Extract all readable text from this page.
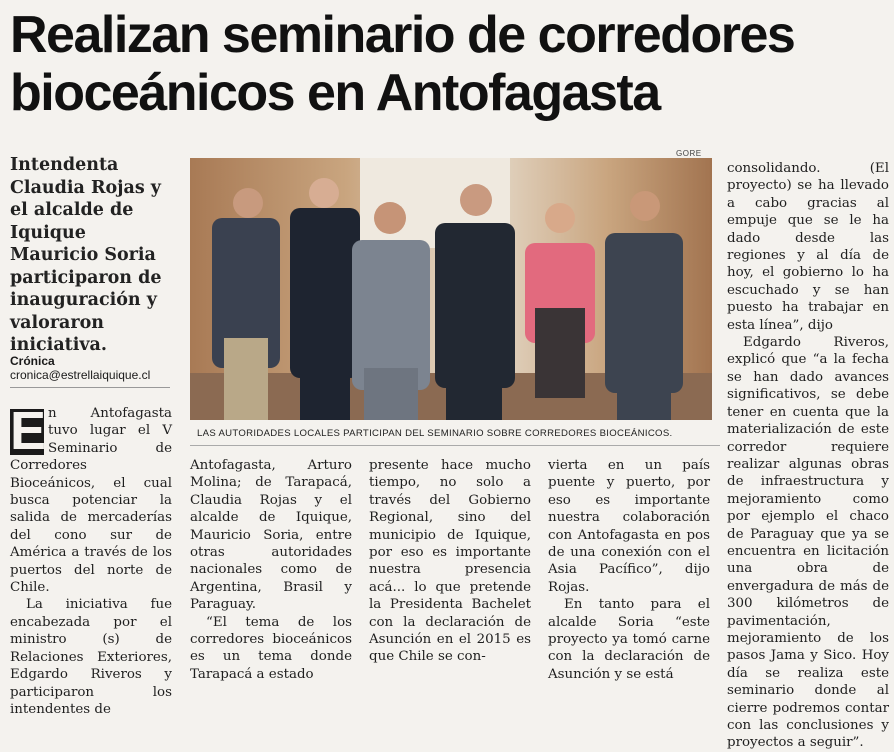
Realizan seminario de corredores
bioceánicos en Antofagasta
Intendenta Claudia Rojas y el alcalde de Iquique Mauricio Soria participaron de inauguración y valoraron iniciativa.
Crónica
cronica@estrellaiquique.cl
GORE
LAS AUTORIDADES LOCALES PARTICIPAN DEL SEMINARIO SOBRE CORREDORES BIOCEÁNICOS.

E n Antofagasta tuvo lugar el V Seminario de Corredores Bioceánicos, el cual busca potenciar la salida de mercaderías del cono sur de América a través de los puertos del norte de Chile.

La iniciativa fue encabezada por el ministro (s) de Relaciones Exteriores, Edgardo Riveros y participaron los intendentes de

Antofagasta, Arturo Molina; de Tarapacá, Claudia Rojas y el alcalde de Iquique, Mauricio Soria, entre otras autoridades nacionales como de Argentina, Brasil y Paraguay.

“El tema de los corredores bioceánicos es un tema donde Tarapacá a estado

presente hace mucho tiempo, no solo a través del Gobierno Regional, sino del municipio de Iquique, por eso es importante nuestra presencia acá... lo que pretende la Presidenta Bachelet con la declaración de Asunción en el 2015 es que Chile se con-

vierta en un país puente y puerto, por eso es importante nuestra colaboración con Antofagasta en pos de una conexión con el Asia Pacífico”, dijo Rojas.

En tanto para el alcalde Soria “este proyecto ya tomó carne con la declaración de Asunción y se está

consolidando. (El proyecto) se ha llevado a cabo gracias al empuje que se le ha dado desde las regiones y al día de hoy, el gobierno lo ha escuchado y se han puesto ha trabajar en esta línea”, dijo

Edgardo Riveros, explicó que “a la fecha se han dado avances significativos, se debe tener en cuenta que la materialización de este corredor requiere realizar algunas obras de infraestructura y mejoramiento como por ejemplo el chaco de Paraguay que ya se encuentra en licitación una obra de envergadura de más de 300 kilómetros de pavimentación, mejoramiento de los pasos Jama y Sico. Hoy día se realiza este seminario donde al cierre podremos contar con las conclusiones y proyectos a seguir”.
